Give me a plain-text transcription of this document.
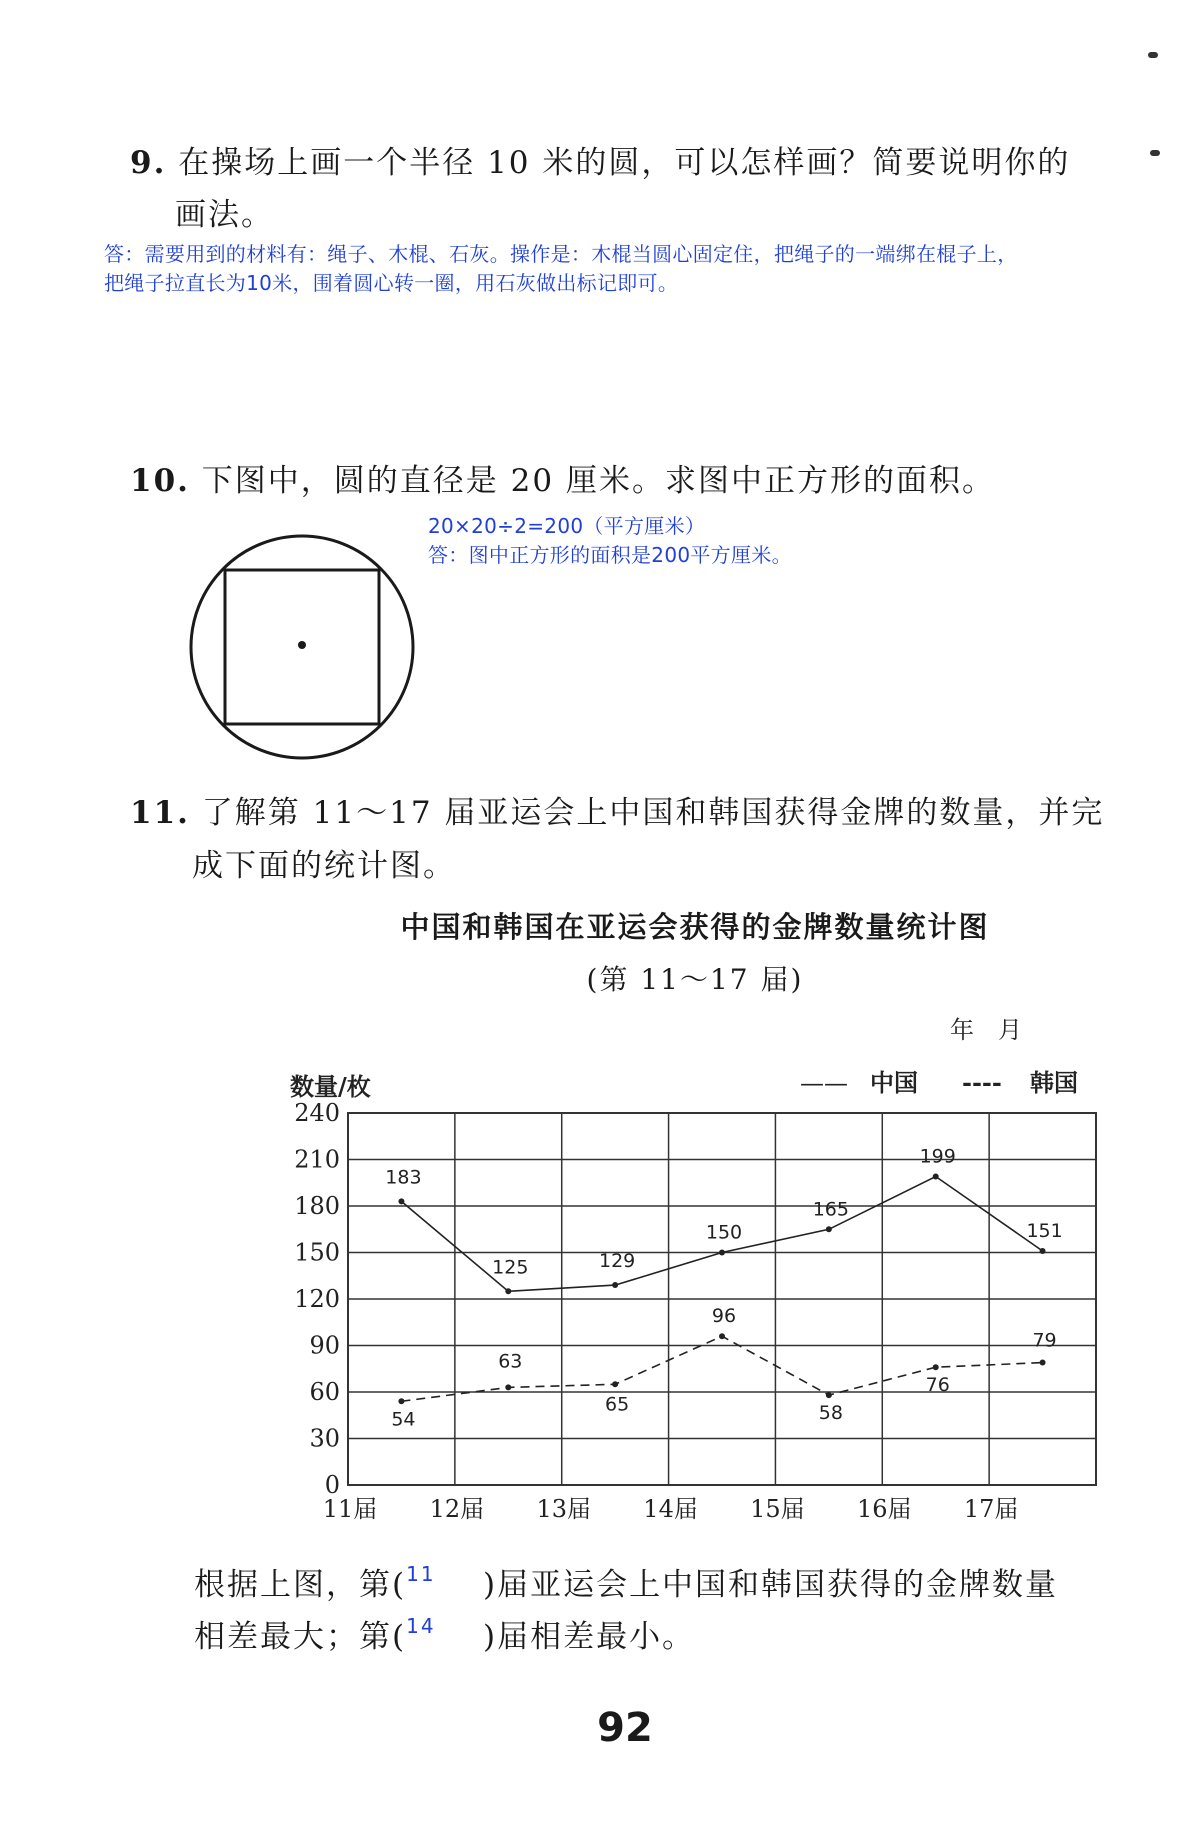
9. 在操场上画一个半径 10 米的圆，可以怎样画？简要说明你的
画法。
答：需要用到的材料有：绳子、木棍、石灰。操作是：木棍当圆心固定住，把绳子的一端绑在棍子上，
把绳子拉直长为10米，围着圆心转一圈，用石灰做出标记即可。
10. 下图中，圆的直径是 20 厘米。求图中正方形的面积。
20×20÷2=200（平方厘米）
答：图中正方形的面积是200平方厘米。
11. 了解第 11～17 届亚运会上中国和韩国获得金牌的数量，并完
成下面的统计图。
中国和韩国在亚运会获得的金牌数量统计图
(第 11～17 届)
0
30
60
90
120
150
180
210
240
11届 12届 13届 14届 15届 16届 17届
数量/枚
年　月
—— 中国 ---- 韩国
183
125	129
150
165
199
151
54
63
65
96
58
76
79
根据上图，第($^{11}$ )届亚运会上中国和韩国获得的金牌数量
相差最大；第($^{14}$ )届相差最小。
92
